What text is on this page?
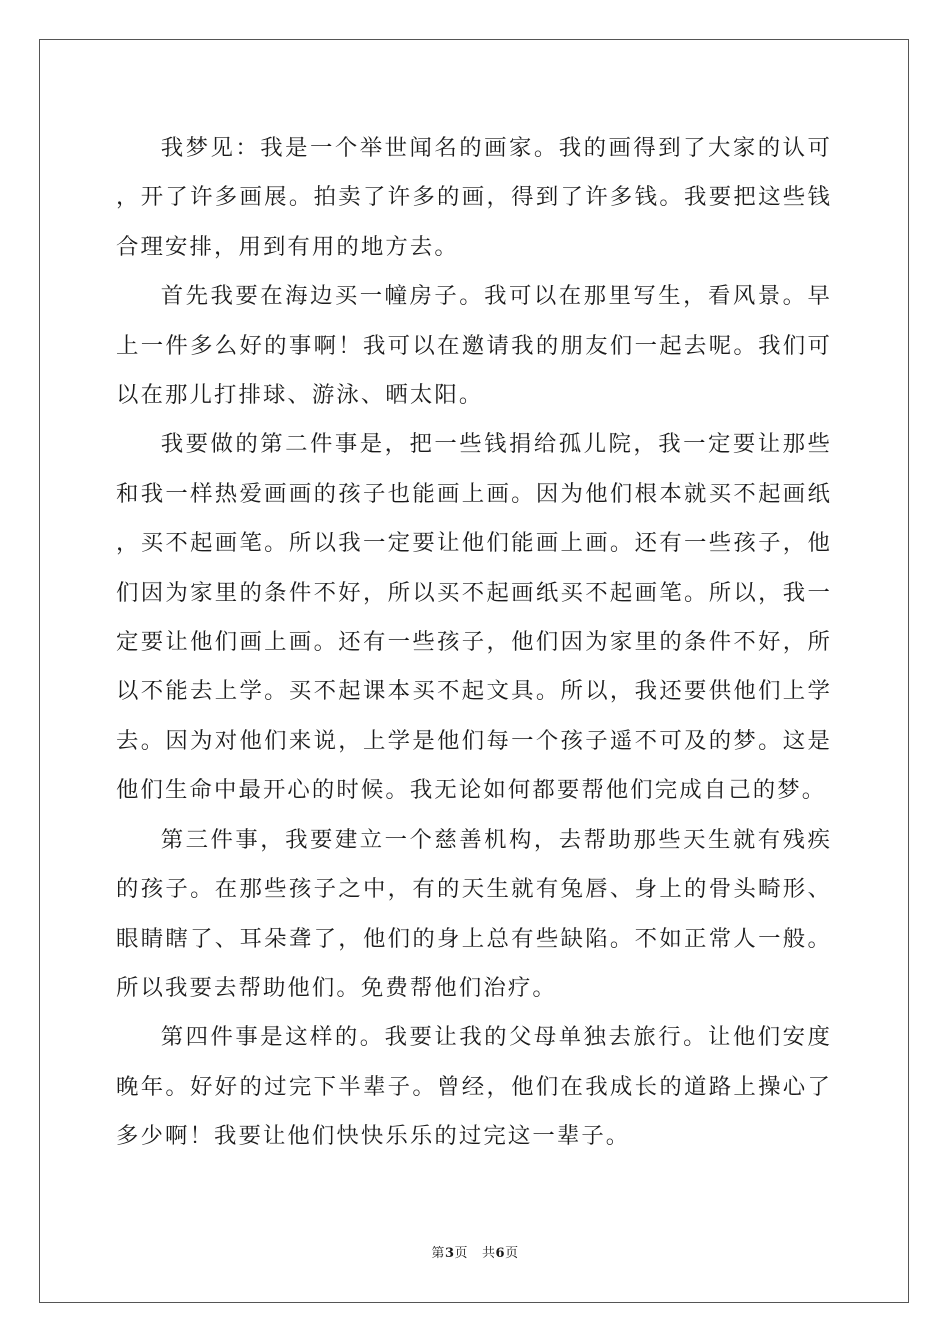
我梦见：我是一个举世闻名的画家。我的画得到了大家的认可，开了许多画展。拍卖了许多的画，得到了许多钱。我要把这些钱合理安排，用到有用的地方去。

首先我要在海边买一幢房子。我可以在那里写生，看风景。早上一件多么好的事啊！我可以在邀请我的朋友们一起去呢。我们可以在那儿打排球、游泳、晒太阳。

我要做的第二件事是，把一些钱捐给孤儿院，我一定要让那些和我一样热爱画画的孩子也能画上画。因为他们根本就买不起画纸，买不起画笔。所以我一定要让他们能画上画。还有一些孩子，他们因为家里的条件不好，所以买不起画纸买不起画笔。所以，我一定要让他们画上画。还有一些孩子，他们因为家里的条件不好，所以不能去上学。买不起课本买不起文具。所以，我还要供他们上学去。因为对他们来说，上学是他们每一个孩子遥不可及的梦。这是他们生命中最开心的时候。我无论如何都要帮他们完成自己的梦。

第三件事，我要建立一个慈善机构，去帮助那些天生就有残疾的孩子。在那些孩子之中，有的天生就有兔唇、身上的骨头畸形、眼睛瞎了、耳朵聋了，他们的身上总有些缺陷。不如正常人一般。所以我要去帮助他们。免费帮他们治疗。

第四件事是这样的。我要让我的父母单独去旅行。让他们安度晚年。好好的过完下半辈子。曾经，他们在我成长的道路上操心了多少啊！我要让他们快快乐乐的过完这一辈子。

第3页 共6页
